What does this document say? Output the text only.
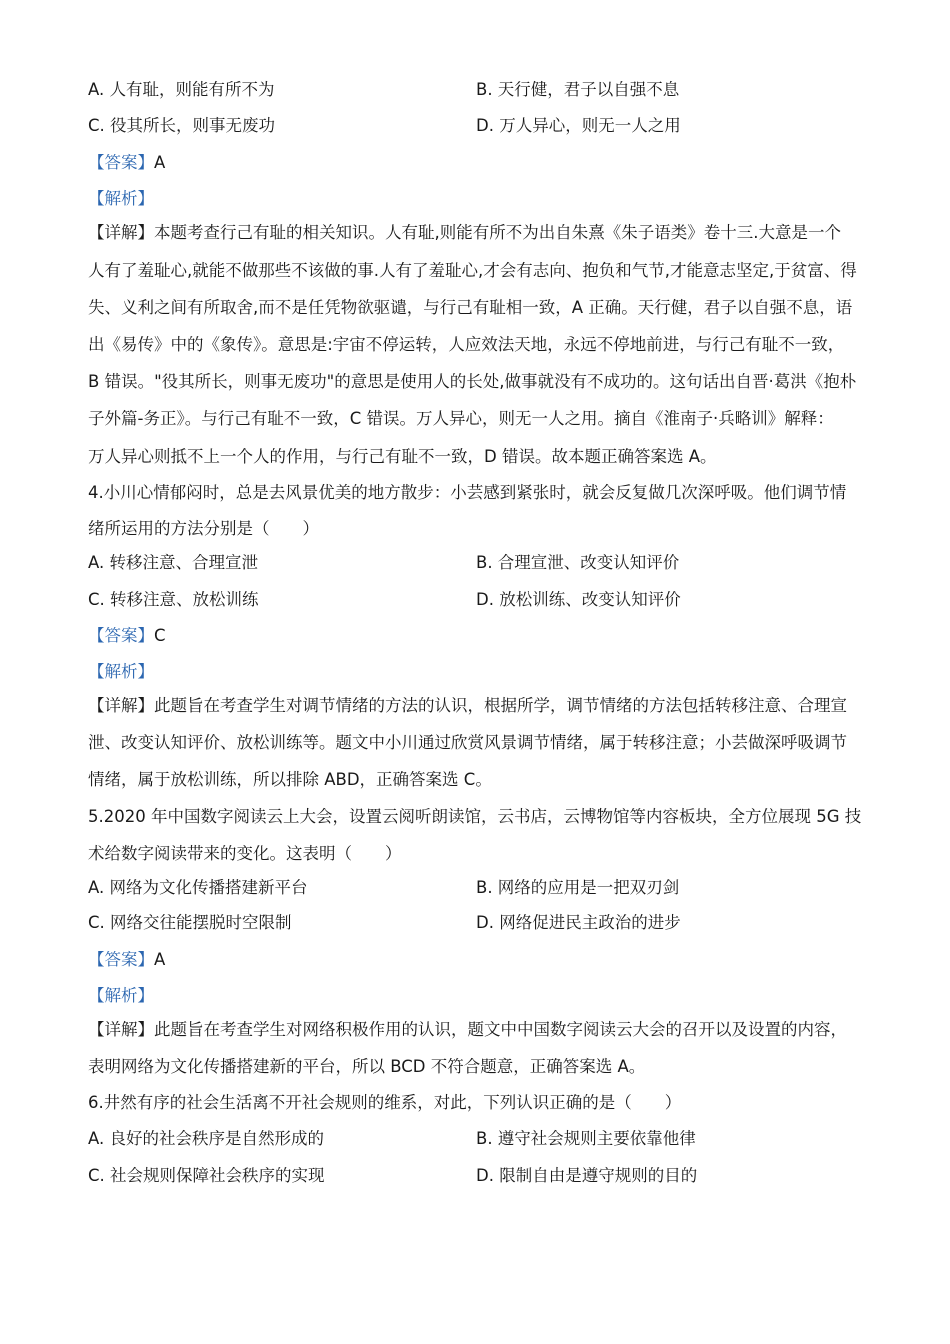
A. 人有耻，则能有所不为	B. 天行健，君子以自强不息
C. 役其所长，则事无废功	D. 万人异心，则无一人之用
【答案】A
【解析】
【详解】本题考查行己有耻的相关知识。人有耻,则能有所不为出自朱熹《朱子语类》卷十三.大意是一个
人有了羞耻心,就能不做那些不该做的事.人有了羞耻心,才会有志向、抱负和气节,才能意志坚定,于贫富、得
失、义利之间有所取舍,而不是任凭物欲驱谴，与行己有耻相一致，A 正确。天行健，君子以自强不息，语
出《易传》中的《象传》。意思是:宇宙不停运转，人应效法天地，永远不停地前进，与行己有耻不一致，
B 错误。"役其所长，则事无废功"的意思是使用人的长处,做事就没有不成功的。这句话出自晋·葛洪《抱朴
子外篇-务正》。与行己有耻不一致，C 错误。万人异心，则无一人之用。摘自《淮南子·兵略训》解释：
万人异心则抵不上一个人的作用，与行己有耻不一致，D 错误。故本题正确答案选 A。
4.小川心情郁闷时，总是去风景优美的地方散步：小芸感到紧张时，就会反复做几次深呼吸。他们调节情
绪所运用的方法分别是（　　）
A. 转移注意、合理宣泄	B. 合理宣泄、改变认知评价
C. 转移注意、放松训练	D. 放松训练、改变认知评价
【答案】C
【解析】
【详解】此题旨在考查学生对调节情绪的方法的认识，根据所学，调节情绪的方法包括转移注意、合理宣
泄、改变认知评价、放松训练等。题文中小川通过欣赏风景调节情绪，属于转移注意；小芸做深呼吸调节
情绪，属于放松训练，所以排除 ABD，正确答案选 C。
5.2020 年中国数字阅读云上大会，设置云阅听朗读馆，云书店，云博物馆等内容板块，全方位展现 5G 技
术给数字阅读带来的变化。这表明（　　）
A. 网络为文化传播搭建新平台	B. 网络的应用是一把双刃剑
C. 网络交往能摆脱时空限制	D. 网络促进民主政治的进步
【答案】A
【解析】
【详解】此题旨在考查学生对网络积极作用的认识，题文中中国数字阅读云大会的召开以及设置的内容，
表明网络为文化传播搭建新的平台，所以 BCD 不符合题意，正确答案选 A。
6.井然有序的社会生活离不开社会规则的维系，对此，下列认识正确的是（　　）
A. 良好的社会秩序是自然形成的	B. 遵守社会规则主要依靠他律
C. 社会规则保障社会秩序的实现	D. 限制自由是遵守规则的目的
